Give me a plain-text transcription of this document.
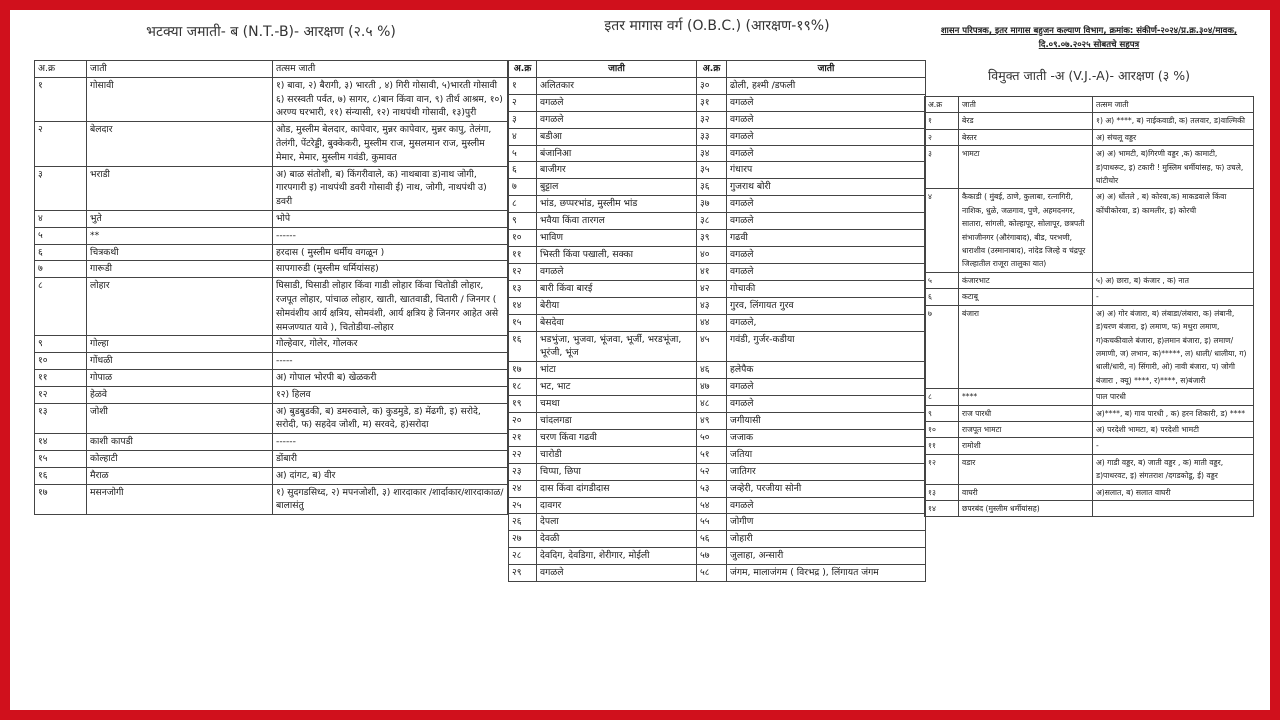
भटक्या जमाती- ब (N.T.-B)- आरक्षण (२.५ %)
अ.क्र	जाती	तत्सम जाती
१	गोसावी	१) बावा, २) बैरागी, ३) भारती , ४) गिरी गोसावी, ५)भारती गोसावी ६) सरस्वती पर्वत, ७) सागर, ८)बान किंवा वान, ९) तीर्थ आश्रम, १०) अरण्य घरभारी, ११) संन्यासी, १२) नाथपंथी गोसावी, १३)पुरी
२	बेलदार	ओड, मुस्लीम बेलदार, कापेवार, मुन्नर कापेवार, मुन्नर कापु, तेलंगा, तेलंगी, पेंटरेड्डी, बुक्केकरी, मुस्लीम राज, मुसलमान राज, मुस्लीम मेमार, मेमार, मुस्लीम गवंडी, कुमावत
३	भराडी	अ) बाळ संतोशी, ब) किंगरीवाले, क) नाथबावा ड)नाथ जोगी, गारपगारी इ) नाथपंथी डवरी गोसावी ई) नाथ, जोगी, नाथपंथी उ) डवरी
४	भुते	भोपे
५	**	------
६	चित्रकथी	हरदास ( मुस्लीम धर्मीय वगळून )
७	गारूडी	सापगारुडी (मुस्लीम धर्मियांसह)
८	लोहार	घिसाडी, घिसाडी लोहार किंवा गाडी लोहार किंवा चितोडी लोहार, रजपूत लोहार, पांचाळ लोहार, खाती, खातवाडी, चितारी / जिनगर ( सोमवंशीय आर्य क्षत्रिय, सोमवंशी, आर्य क्षत्रिय हे जिनगर आहेत असे समजण्यात यावे ), चितोडीया-लोहार
९	गोल्हा	गोल्हेवार, गोलेर, गोलकर
१०	गोंधळी	-----
११	गोपाळ	अ) गोपाल भोरपी ब) खेळकरी
१२	हेळवे	१२) हिलव
१३	जोशी	अ) बुडबुडकी, ब) डमरुवाले, क) कुडमुडे, ड) मेंढगी, इ) सरोदे, सरोदी, फ) सहदेव जोशी, म) सरवदे, ह)सरोदा
१४	काशी कापडी	------
१५	कोल्हाटी	डोंबारी
१६	मैराळ	अ) दांगट, ब) वीर
१७	मसनजोगी	१) सुदगडसिध्द, २) मपनजोशी, ३) शारदाकार /शार्दाकार/शारदाकाळ/बालासंतु
इतर मागास वर्ग (O.B.C.) (आरक्षण-१९%)
अ.क्र	जाती	अ.क्र	जाती
१	अलितकार	३०	ढोली, हश्मी /डफली
२	वगळले	३१	वगळले
३	वगळले	३२	वगळले
४	बडीआ	३३	वगळले
५	बंजानिआ	३४	वगळले
६	बाजीगर	३५	गंधारप
७	बुट्टाल	३६	गुजराथ बोरी
८	भांड, छप्परभांड, मुस्लीम भांड	३७	वगळले
९	भवैया किंवा तारगल	३८	वगळले
१०	भाविण	३९	गढवी
११	भिस्ती किंवा पखाली, सक्का	४०	वगळले
१२	वगळले	४१	वगळले
१३	बारी किंवा बारई	४२	गोचाकी
१४	बेरीया	४३	गुरव, लिंगायत गुरव
१५	बेसदेवा	४४	वगळले,
१६	भडभुंजा, भुजवा, भूंजवा, भूर्जी, भरडभूंजा, भूरंजी, भूंज	४५	गवंडी, गुर्जर-कडीया
१७	भांटा	४६	हलेपैक
१८	भट, भाट	४७	वगळले
१९	चमथा	४८	वगळले
२०	चांदलगडा	४९	जगीयासी
२१	चरण किंवा गढवी	५०	जजाक
२२	चारोडी	५१	जतिया
२३	चिप्पा, छिपा	५२	जातिगर
२४	दास किंवा दांगडीदास	५३	जव्हेरी, परजीया सोनी
२५	दावगर	५४	वगळले
२६	देपला	५५	जोगीण
२७	देवळी	५६	जोहारी
२८	देवदिग, देवडिगा, शेरीगार, मोईली	५७	जुलाहा, अन्सारी
२९	वगळले	५८	जंगम, मालाजंगम ( विरभद्र ), लिंगायत जंगम
शासन परिपत्रक, इतर मागास बहुजन कल्याण विभाग, क्रमांक: संकीर्ण-२०२४/प्र.क्र.३०४/मावक,
दि.०९.०७.२०२५ सोबतचे सहपत्र
विमुक्त जाती -अ (V.J.-A)- आरक्षण (३ %)
अ.क्र	जाती	तत्सम जाती
१	बेरड	१) अ) ****, ब) नाईकवाडी, क) तलवार, ड)वाल्मिकी
२	बेस्तर	अ) संचलू वड्डर
३	भामटा	अ) अ) भामटी, ब)गिरणी वड्डर ,क) कामाटी, ड)पाथरूट, इ) टकारी ! मुस्लिम धर्मीयांसह, फ) उचले, घांटीचोर
४	कैकाडी ( मुंबई, ठाणे, कुलाबा, रत्नागिरी, नाशिक, धुळे, जळगाव, पुणे, अहमदनगर, सातारा, सांगली, कोल्हापूर, सोलापूर, छत्रपती संभाजीनगर (औरंगाबाद), बीड, परभणी, धाराशीव (उस्मानाबाद), नांदेड जिल्हे व चंद्रपूर जिल्हातील राजूरा तालुका यात)	अ) अ) धोंतले , ब) कोरवा,क) माकडवाले किंवा कोंचीकोरवा, ड) कामलीर, इ) कोरची
५	कंजारभाट	५) अ) छारा, ब) कंजार , क) नात
६	कटाबू	-
७	बंजारा	अ) अ) गोर बंजारा, ब) लंबाडा/लंबारा, क) लंबानी, ड)चरण बंजारा, इ) लमाण, फ) मथुरा लमाण, ग)कचकीवाले बंजारा, ह)लमान बंजारा, इ) लमाण/लमाणी, ज) लभान, क)*****, ल) धाली/ धालीया, ग) धाली/धारी, न) सिंगारी, ओ) नावी बंजारा, प) जोगी बंजारा , क्यू) ****, र)****, स)बंजारी
८	****	पाल पारधी
९	राज पारधी	अ)****, ब) गाव पारधी , क) हरन शिकारी, ड) ****
१०	राजपूत भामटा	अ) परदेशी भामटा, ब) परदेशी भामटी
११	रामोशी	-
१२	वडार	अ) गाडी वड्डर, ब) जाती वड्डर , क) माती वड्डर, ड)पाथरवट, इ) संगतराश /दगडकोडू, ई) वड्डर
१३	वाघरी	अ)सलात, ब) सलात वाघरी
१४	छपरबंद (मुस्लीम धर्मीयांसह)	
